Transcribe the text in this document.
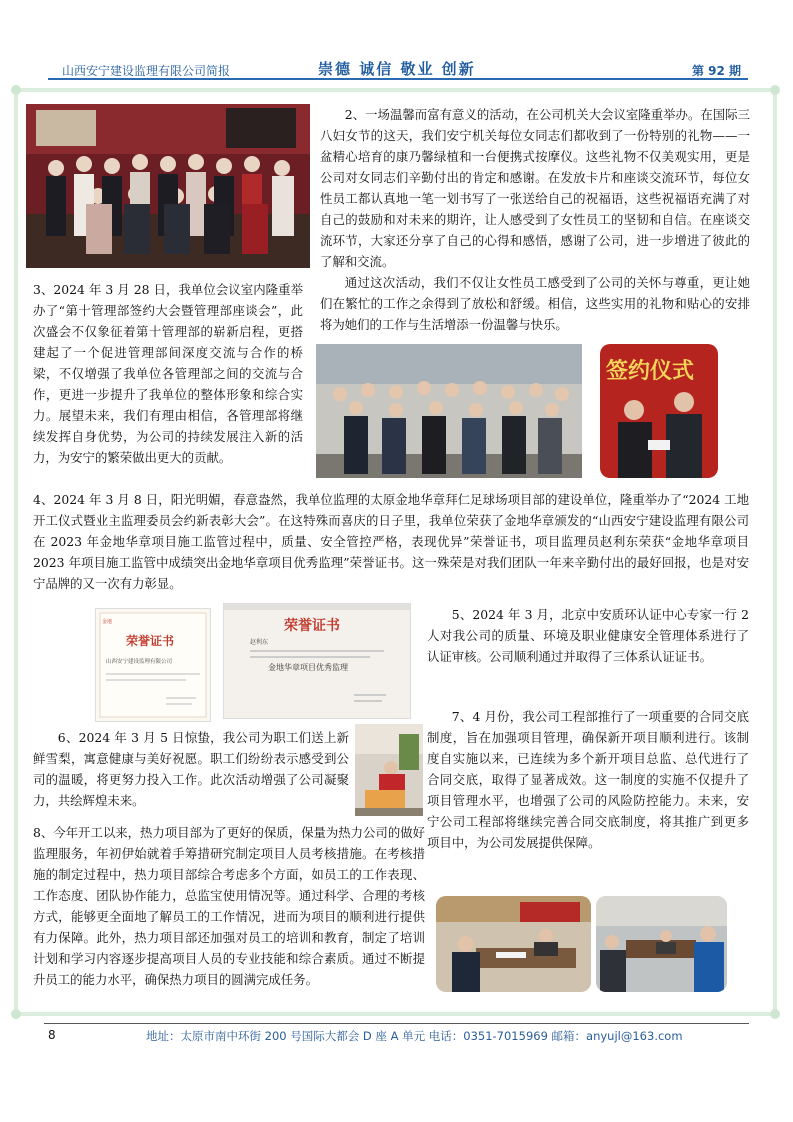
山西安宁建设监理有限公司简报	崇德 诚信 敬业 创新	第 92 期

2、一场温馨而富有意义的活动，在公司机关大会议室隆重举办。在国际三八妇女节的这天，我们安宁机关每位女同志们都收到了一份特别的礼物——一盆精心培育的康乃馨绿植和一台便携式按摩仪。这些礼物不仅美观实用，更是公司对女同志们辛勤付出的肯定和感谢。在发放卡片和座谈交流环节，每位女性员工都认真地一笔一划书写了一张送给自己的祝福语，这些祝福语充满了对自己的鼓励和对未来的期许，让人感受到了女性员工的坚韧和自信。在座谈交流环节，大家还分享了自己的心得和感悟，感谢了公司，进一步增进了彼此的了解和交流。

通过这次活动，我们不仅让女性员工感受到了公司的关怀与尊重，更让她们在繁忙的工作之余得到了放松和舒缓。相信，这些实用的礼物和贴心的安排将为她们的工作与生活增添一份温馨与快乐。

3、2024 年 3 月 28 日，我单位会议室内隆重举办了“第十管理部签约大会暨管理部座谈会”，此次盛会不仅象征着第十管理部的崭新启程，更搭建起了一个促进管理部间深度交流与合作的桥梁，不仅增强了我单位各管理部之间的交流与合作，更进一步提升了我单位的整体形象和综合实力。展望未来，我们有理由相信，各管理部将继续发挥自身优势，为公司的持续发展注入新的活力，为安宁的繁荣做出更大的贡献。

签约仪式

4、2024 年 3 月 8 日，阳光明媚，春意盎然，我单位监理的太原金地华章拜仁足球场项目部的建设单位，隆重举办了“2024 工地开工仪式暨业主监理委员会约新表彰大会”。在这特殊而喜庆的日子里，我单位荣获了金地华章颁发的“山西安宁建设监理有限公司在 2023 年金地华章项目施工监管过程中，质量、安全管控严格，表现优异”荣誉证书，项目监理员赵利东荣获“金地华章项目 2023 年项目施工监管中成绩突出金地华章项目优秀监理”荣誉证书。这一殊荣是对我们团队一年来辛勤付出的最好回报，也是对安宁品牌的又一次有力彰显。

金地
荣誉证书
山西安宁建设监理有限公司
荣誉证书
赵利东
金地华章项目优秀监理

5、2024 年 3 月，北京中安质环认证中心专家一行 2 人对我公司的质量、环境及职业健康安全管理体系进行了认证审核。公司顺利通过并取得了三体系认证证书。

7、4 月份，我公司工程部推行了一项重要的合同交底制度，旨在加强项目管理，确保新开项目顺利进行。该制度自实施以来，已连续为多个新开项目总监、总代进行了合同交底，取得了显著成效。这一制度的实施不仅提升了项目管理水平，也增强了公司的风险防控能力。未来，安宁公司工程部将继续完善合同交底制度，将其推广到更多项目中，为公司发展提供保障。

6、2024 年 3 月 5 日惊蛰，我公司为职工们送上新鲜雪梨，寓意健康与美好祝愿。职工们纷纷表示感受到公司的温暖，将更努力投入工作。此次活动增强了公司凝聚力，共绘辉煌未来。

8、今年开工以来，热力项目部为了更好的保质，保量为热力公司的做好监理服务，年初伊始就着手筹措研究制定项目人员考核措施。在考核措施的制定过程中，热力项目部综合考虑多个方面，如员工的工作表现、工作态度、团队协作能力，总监宝使用情况等。通过科学、合理的考核方式，能够更全面地了解员工的工作情况，进而为项目的顺利进行提供有力保障。此外，热力项目部还加强对员工的培训和教育，制定了培训计划和学习内容逐步提高项目人员的专业技能和综合素质。通过不断提升员工的能力水平，确保热力项目的圆满完成任务。

8	地址：太原市南中环街 200 号国际大都会 D 座 A 单元 电话：0351-7015969 邮箱：anyujl@163.com
